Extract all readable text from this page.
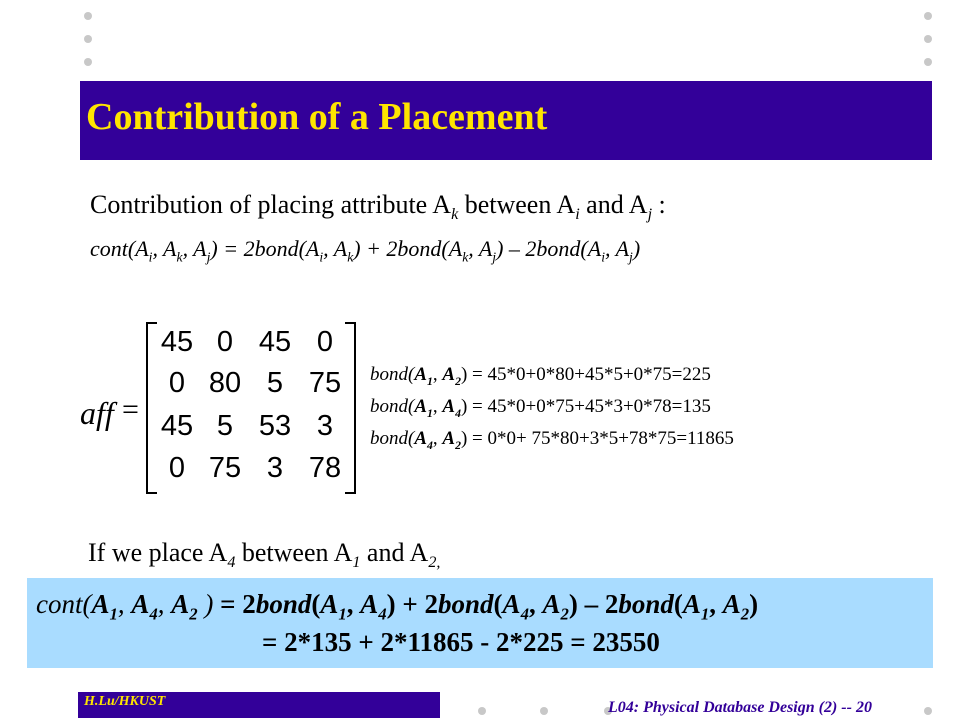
Contribution of a Placement
Contribution of placing attribute $A_k$ between $A_i$ and $A_j$ :
$cont(A_i$, $A_k$, $A_j$) = $2bond(A_i$, $A_k$) + $2bond(A_k$, $A_j$) – $2bond(A_i$, $A_j$)
aff =
45 0 45 0
0 80 5 75
45 5 53 3
0 75 3 78
$bond(A_1$, $A_2) = 45*0+0*80+45*5+0*75=225$
$bond(A_1$, $A_4) = 45*0+0*75+45*3+0*78=135$
$bond(A_4$, $A_2) = 0*0+ 75*80+3*5+78*75=11865$
If we place $A_4$ between $A_1$ and $A_{2,}$
$cont(A_1$, $A_4$, $A_2$ ) = $2bond(A_1$, $A_4$) + $2bond(A_4$, $A_2$) – $2bond(A_1$, $A_2$)
= 2*135 + 2*11865 - 2*225 = 23550
H.Lu/HKUST	L04: Physical Database Design (2) -- 20
